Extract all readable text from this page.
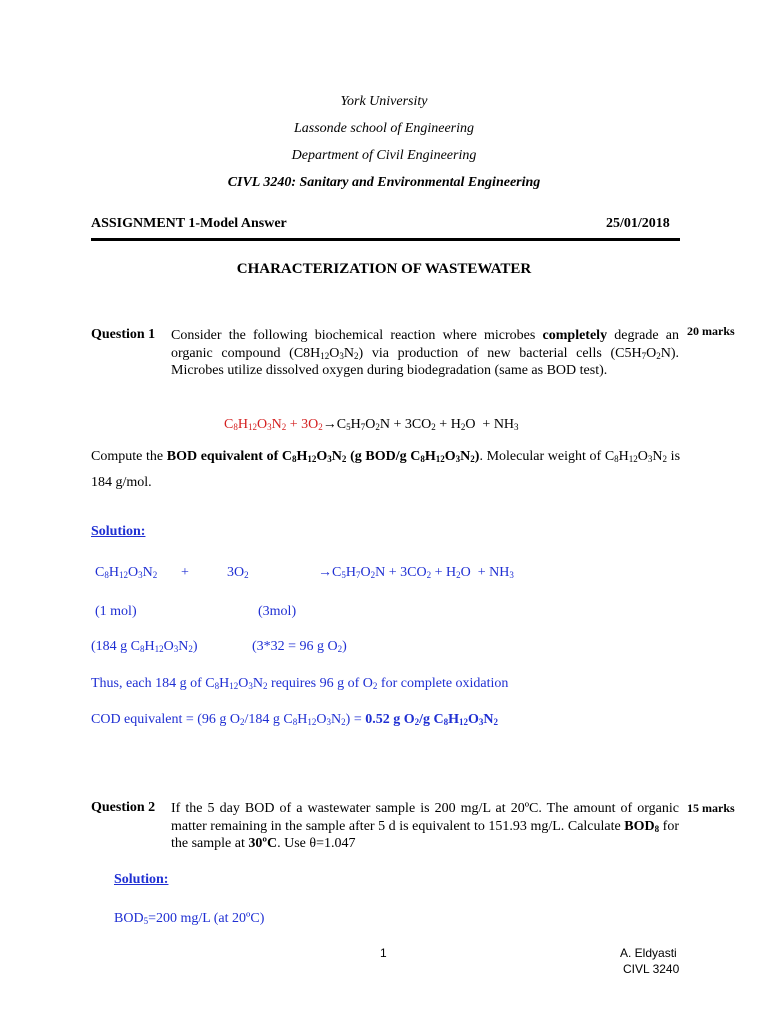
York University
Lassonde school of Engineering
Department of Civil Engineering
CIVL 3240: Sanitary and Environmental Engineering
ASSIGNMENT 1-Model Answer	25/01/2018
CHARACTERIZATION OF WASTEWATER
Question 1	20 marks
Consider the following biochemical reaction where microbes completely degrade an organic compound $(C8H_{12}O_3N_2)$ via production of new bacterial cells $(C5H_7O_2N)$. Microbes utilize dissolved oxygen during biodegradation (same as BOD test).
$C_8H_{12}O_3N_2 + 3O_2\to C_5H_7O_2N + 3CO_2 + H_2O + NH_3$
Compute the BOD equivalent of $C_8H_{12}O_3N_2$ (g BOD/g $C_8H_{12}O_3N_2$). Molecular weight of $C_8H_{12}O_3N_2$ is 184 g/mol.
Solution:
$C_8H_{12}O_3N_2$ +	$3O_2$	$\to C_5H_7O_2N + 3CO_2 + H_2O + NH_3$
(1 mol)	(3mol)
(184 g $C_8H_{12}O_3N_2$)	(3*32 = 96 g $O_2$)
Thus, each 184 g of $C_8H_{12}O_3N_2$ requires 96 g of $O_2$ for complete oxidation
COD equivalent = (96 g $O_2/184$ g $C_8H_{12}O_3N_2) = 0.52$ g $O_2/g$ $C_8H_{12}O_3N_2$
Question 2	15 marks
If the 5 day BOD of a wastewater sample is 200 mg/L at 20ºC. The amount of organic matter remaining in the sample after 5 d is equivalent to 151.93 mg/L. Calculate $BOD_8$ for the sample at 30ºC. Use θ=1.047
Solution:
$BOD_5=200$ mg/L (at 20ºC)
1	A. Eldyasti
CIVL 3240
